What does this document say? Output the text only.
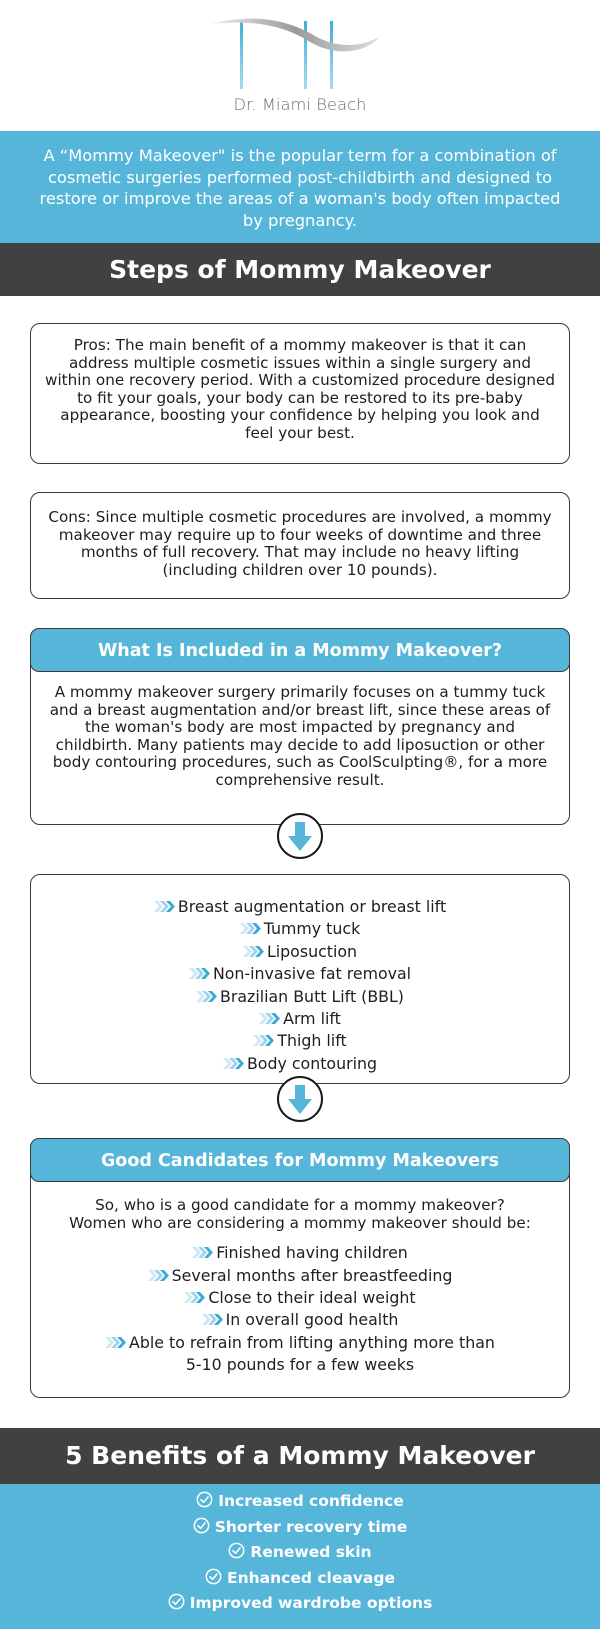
Dr. Miami Beach
A “Mommy Makeover" is the popular term for a combination of cosmetic surgeries performed post-childbirth and designed to restore or improve the areas of a woman's body often impacted by pregnancy.
Steps of Mommy Makeover
Pros: The main benefit of a mommy makeover is that it can address multiple cosmetic issues within a single surgery and within one recovery period. With a customized procedure designed to fit your goals, your body can be restored to its pre-baby appearance, boosting your confidence by helping you look and feel your best.
Cons: Since multiple cosmetic procedures are involved, a mommy makeover may require up to four weeks of downtime and three months of full recovery. That may include no heavy lifting (including children over 10 pounds).
What Is Included in a Mommy Makeover?
A mommy makeover surgery primarily focuses on a tummy tuck and a breast augmentation and/or breast lift, since these areas of the woman's body are most impacted by pregnancy and childbirth. Many patients may decide to add liposuction or other body contouring procedures, such as CoolSculpting®, for a more comprehensive result.
Breast augmentation or breast lift
Tummy tuck
Liposuction
Non-invasive fat removal
Brazilian Butt Lift (BBL)
Arm lift
Thigh lift
Body contouring
Good Candidates for Mommy Makeovers
So, who is a good candidate for a mommy makeover?
Women who are considering a mommy makeover should be:
Finished having children
Several months after breastfeeding
Close to their ideal weight
In overall good health
Able to refrain from lifting anything more than
5-10 pounds for a few weeks
5 Benefits of a Mommy Makeover
Increased confidence
Shorter recovery time
Renewed skin
Enhanced cleavage
Improved wardrobe options
